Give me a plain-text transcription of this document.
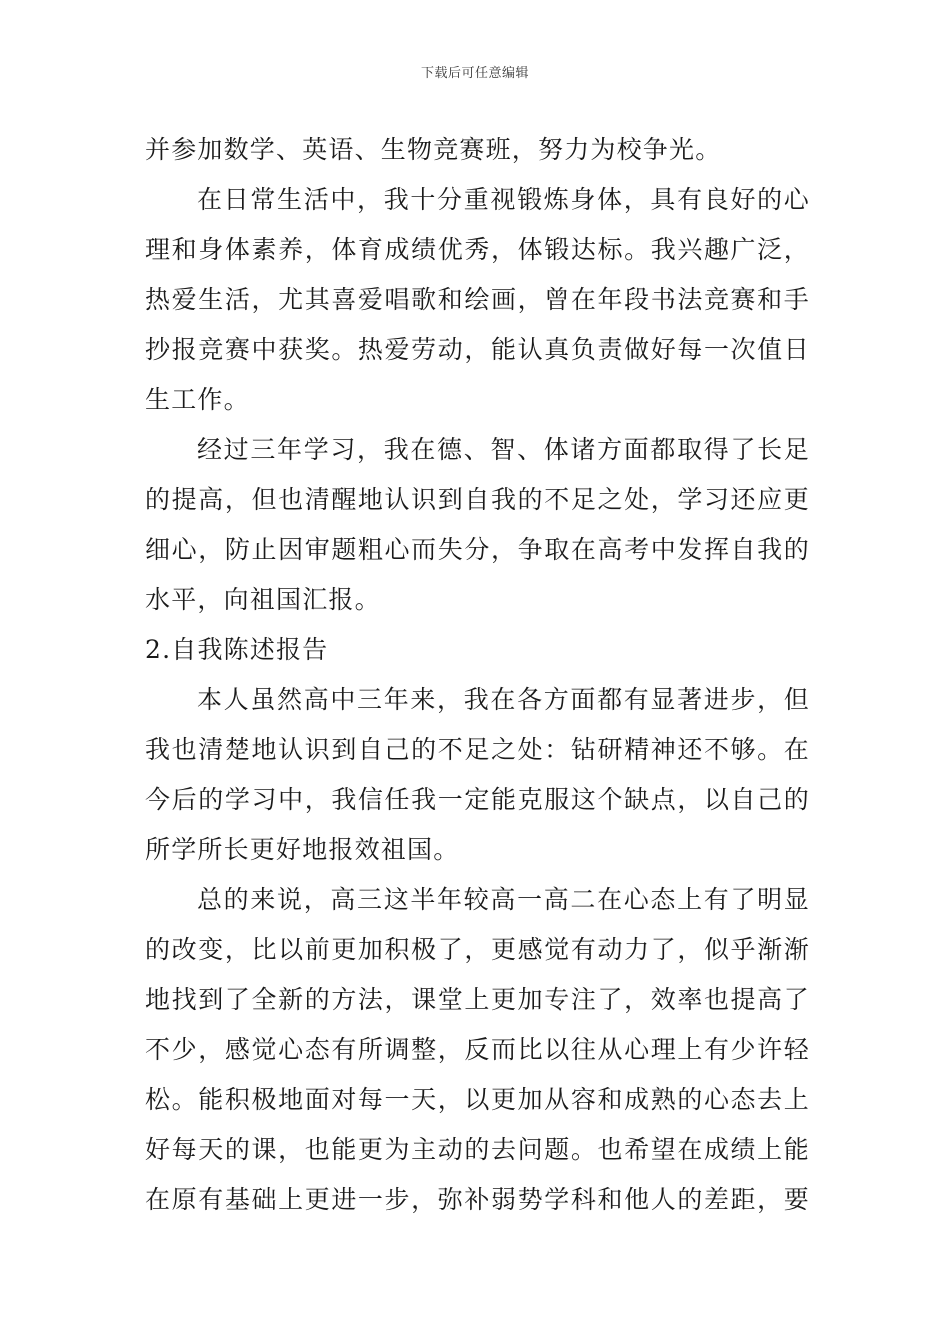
下载后可任意编辑
并参加数学、英语、生物竞赛班，努力为校争光。
在日常生活中，我十分重视锻炼身体，具有良好的心
理和身体素养，体育成绩优秀，体锻达标。我兴趣广泛，
热爱生活，尤其喜爱唱歌和绘画，曾在年段书法竞赛和手
抄报竞赛中获奖。热爱劳动，能认真负责做好每一次值日
生工作。
经过三年学习，我在德、智、体诸方面都取得了长足
的提高，但也清醒地认识到自我的不足之处，学习还应更
细心，防止因审题粗心而失分，争取在高考中发挥自我的
水平，向祖国汇报。
2.自我陈述报告
本人虽然高中三年来，我在各方面都有显著进步，但
我也清楚地认识到自己的不足之处：钻研精神还不够。在
今后的学习中，我信任我一定能克服这个缺点，以自己的
所学所长更好地报效祖国。
总的来说，高三这半年较高一高二在心态上有了明显
的改变，比以前更加积极了，更感觉有动力了，似乎渐渐
地找到了全新的方法，课堂上更加专注了，效率也提高了
不少，感觉心态有所调整，反而比以往从心理上有少许轻
松。能积极地面对每一天，以更加从容和成熟的心态去上
好每天的课，也能更为主动的去问题。也希望在成绩上能
在原有基础上更进一步，弥补弱势学科和他人的差距，要
